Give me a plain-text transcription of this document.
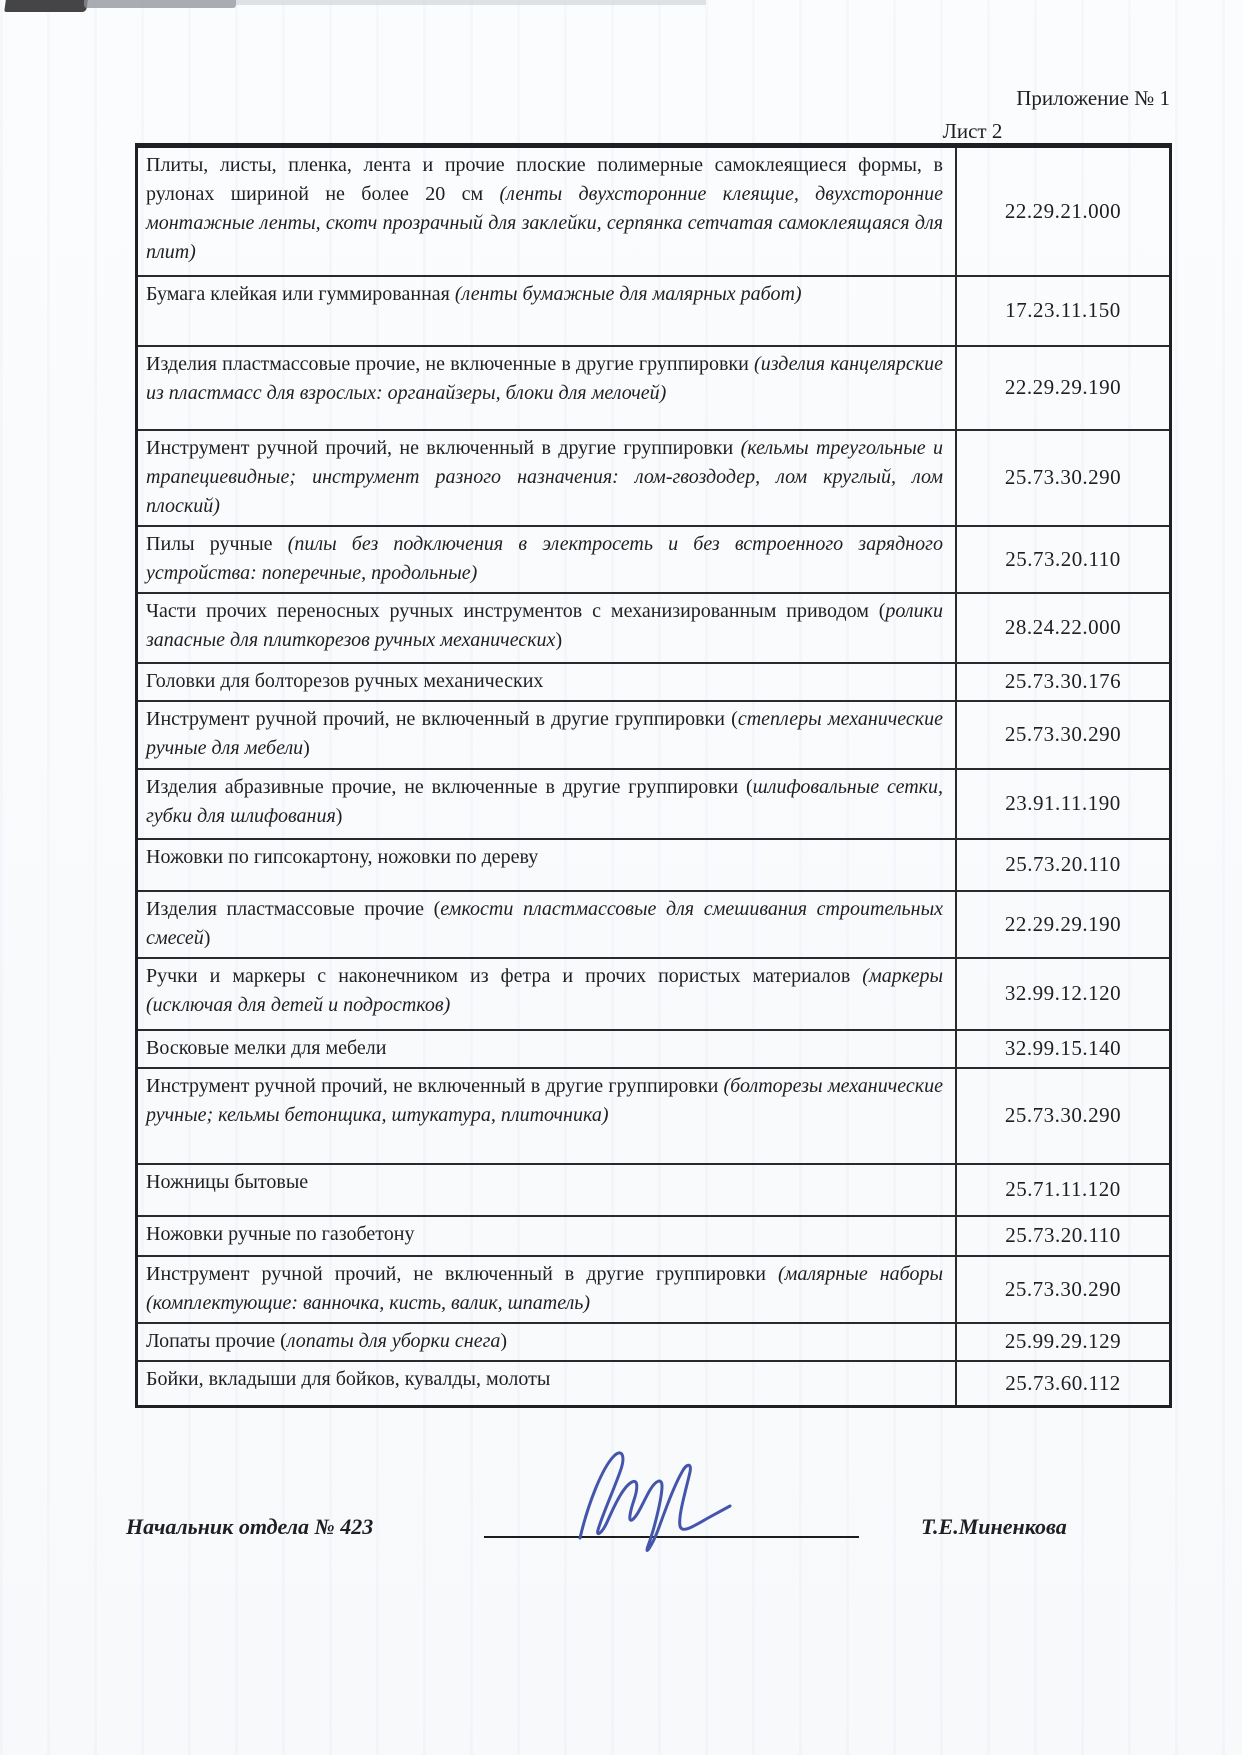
Приложение № 1
Лист 2
Плиты, листы, пленка, лента и прочие плоские полимерные самоклеящиеся формы, в рулонах шириной не более 20 см (ленты двухсторонние клеящие, двухсторонние монтажные ленты, скотч прозрачный для заклейки, серпянка сетчатая самоклеящаяся для плит)	22.29.21.000
Бумага клейкая или гуммированная (ленты бумажные для малярных работ)	17.23.11.150
Изделия пластмассовые прочие, не включенные в другие группировки (изделия канцелярские из пластмасс для взрослых: органайзеры, блоки для мелочей)	22.29.29.190
Инструмент ручной прочий, не включенный в другие группировки (кельмы треугольные и трапециевидные; инструмент разного назначения: лом-гвоздодер, лом круглый, лом плоский)	25.73.30.290
Пилы ручные (пилы без подключения в электросеть и без встроенного зарядного устройства: поперечные, продольные)	25.73.20.110
Части прочих переносных ручных инструментов с механизированным приводом (ролики запасные для плиткорезов ручных механических)	28.24.22.000
Головки для болторезов ручных механических	25.73.30.176
Инструмент ручной прочий, не включенный в другие группировки (степлеры механические ручные для мебели)	25.73.30.290
Изделия абразивные прочие, не включенные в другие группировки (шлифовальные сетки, губки для шлифования)	23.91.11.190
Ножовки по гипсокартону, ножовки по дереву	25.73.20.110
Изделия пластмассовые прочие (емкости пластмассовые для смешивания строительных смесей)	22.29.29.190
Ручки и маркеры с наконечником из фетра и прочих пористых материалов (маркеры (исключая для детей и подростков)	32.99.12.120
Восковые мелки для мебели	32.99.15.140
Инструмент ручной прочий, не включенный в другие группировки (болторезы механические ручные; кельмы бетонщика, штукатура, плиточника)	25.73.30.290
Ножницы бытовые	25.71.11.120
Ножовки ручные по газобетону	25.73.20.110
Инструмент ручной прочий, не включенный в другие группировки (малярные наборы (комплектующие: ванночка, кисть, валик, шпатель)	25.73.30.290
Лопаты прочие (лопаты для уборки снега)	25.99.29.129
Бойки, вкладыши для бойков, кувалды, молоты	25.73.60.112
Начальник отдела № 423	Т.Е.Миненкова
